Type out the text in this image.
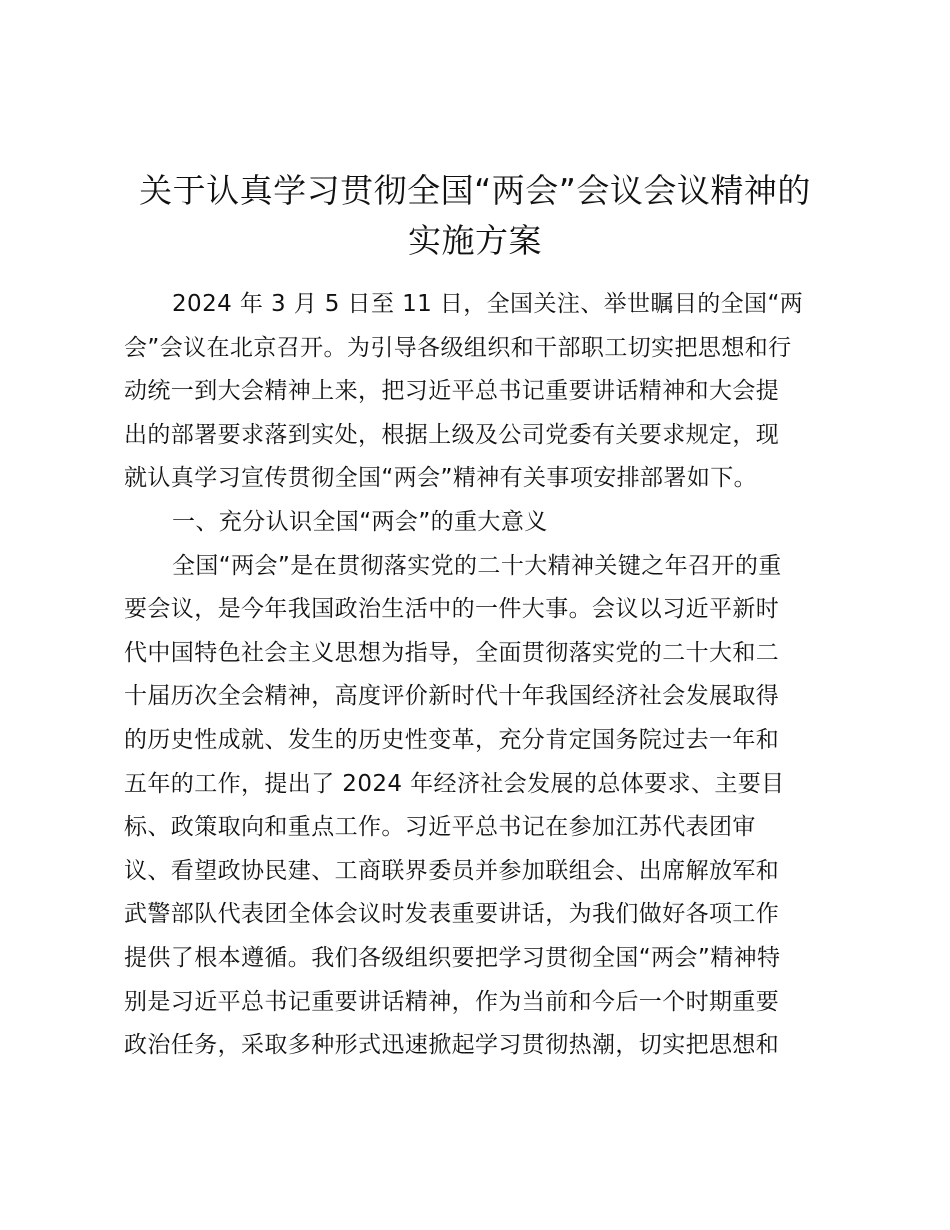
关于认真学习贯彻全国“两会”会议会议精神的
实施方案
2024 年 3 月 5 日至 11 日，全国关注、举世瞩目的全国“两
会”会议在北京召开。为引导各级组织和干部职工切实把思想和行
动统一到大会精神上来，把习近平总书记重要讲话精神和大会提
出的部署要求落到实处，根据上级及公司党委有关要求规定，现
就认真学习宣传贯彻全国“两会”精神有关事项安排部署如下。
一、充分认识全国“两会”的重大意义
全国“两会”是在贯彻落实党的二十大精神关键之年召开的重
要会议，是今年我国政治生活中的一件大事。会议以习近平新时
代中国特色社会主义思想为指导，全面贯彻落实党的二十大和二
十届历次全会精神，高度评价新时代十年我国经济社会发展取得
的历史性成就、发生的历史性变革，充分肯定国务院过去一年和
五年的工作，提出了 2024 年经济社会发展的总体要求、主要目
标、政策取向和重点工作。习近平总书记在参加江苏代表团审
议、看望政协民建、工商联界委员并参加联组会、出席解放军和
武警部队代表团全体会议时发表重要讲话，为我们做好各项工作
提供了根本遵循。我们各级组织要把学习贯彻全国“两会”精神特
别是习近平总书记重要讲话精神，作为当前和今后一个时期重要
政治任务，采取多种形式迅速掀起学习贯彻热潮，切实把思想和
